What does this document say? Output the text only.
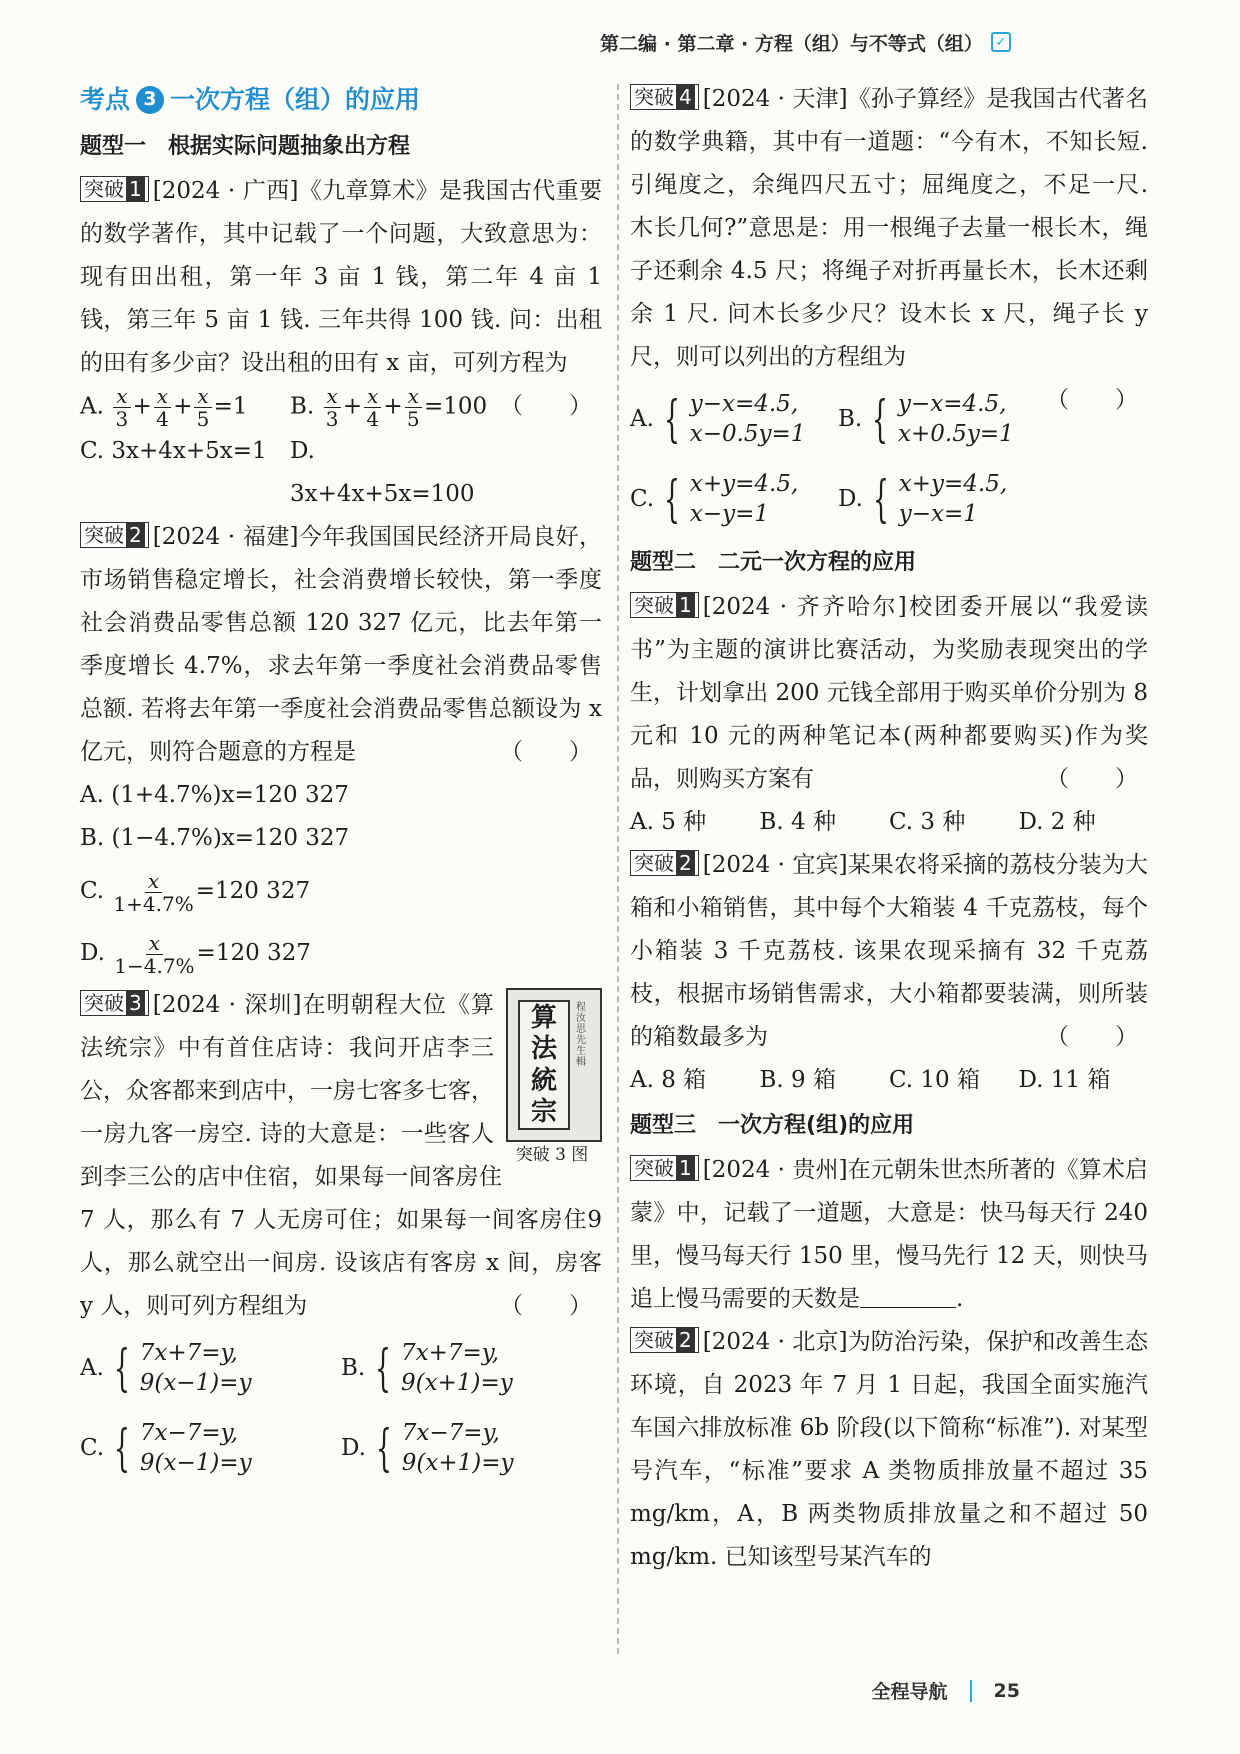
第二编 · 第二章 · 方程（组）与不等式（组） ✓
考点 3 一次方程（组）的应用
题型一 根据实际问题抽象出方程
突破 1 [2024 · 广西]《九章算术》是我国古代重要的数学著作，其中记载了一个问题，大致意思为：现有田出租，第一年 3 亩 1 钱，第二年 4 亩 1 钱，第三年 5 亩 1 钱. 三年共得 100 钱. 问：出租的田有多少亩？设出租的田有 x 亩，可列方程为
（　　）
A. $\frac{x}{3} + \frac{x}{4} + \frac{x}{5} =1$	B. $\frac{x}{3} + \frac{x}{4} + \frac{x}{5} =100$
C. 3x+4x+5x=1	D. 3x+4x+5x=100
突破 2 [2024 · 福建]今年我国国民经济开局良好，市场销售稳定增长，社会消费增长较快，第一季度社会消费品零售总额 120 327 亿元，比去年第一季度增长 4.7%，求去年第一季度社会消费品零售总额. 若将去年第一季度社会消费品零售总额设为 x 亿元，则符合题意的方程是	（　　）
A. (1+4.7%)x=120 327
B. (1−4.7%)x=120 327
C. $\frac{x}{1+4.7\%} =120$ 327
D. $\frac{x}{1-4.7\%} =120$ 327
算
法
統
宗
程汝思先生輯
突破 3 图
突破 3 [2024 · 深圳]在明朝程大位《算法统宗》中有首住店诗：我问开店李三公，众客都来到店中，一房七客多七客，一房九客一房空. 诗的大意是：一些客人到李三公的店中住宿，如果每一间客房住 7 人，那么有 7 人无房可住；如果每一间客房住9 人，那么就空出一间房. 设该店有客房 x 间，房客 y 人，则可列方程组为	（　　）
A. { 7x+7=y,
9(x−1)=y
B. { 7x+7=y,
9(x+1)=y
C. { 7x−7=y,
9(x−1)=y
D. { 7x−7=y,
9(x+1)=y
突破 4 [2024 · 天津]《孙子算经》是我国古代著名的数学典籍，其中有一道题：“今有木，不知长短. 引绳度之，余绳四尺五寸；屈绳度之，不足一尺. 木长几何?”意思是：用一根绳子去量一根长木，绳子还剩余 4.5 尺；将绳子对折再量长木，长木还剩余 1 尺. 问木长多少尺？设木长 x 尺，绳子长 y 尺，则可以列出的方程组为
（　　）
A. { y−x=4.5,
x−0.5y=1
B. { y−x=4.5,
x+0.5y=1
C. { x+y=4.5,
x−y=1
D. { x+y=4.5,
y−x=1
题型二 二元一次方程的应用
突破 1 [2024 · 齐齐哈尔]校团委开展以“我爱读书”为主题的演讲比赛活动，为奖励表现突出的学生，计划拿出 200 元钱全部用于购买单价分别为 8 元和 10 元的两种笔记本(两种都要购买)作为奖品，则购买方案有	（　　）
A. 5 种	B. 4 种	C. 3 种	D. 2 种
突破 2 [2024 · 宜宾]某果农将采摘的荔枝分装为大箱和小箱销售，其中每个大箱装 4 千克荔枝，每个小箱装 3 千克荔枝. 该果农现采摘有 32 千克荔枝，根据市场销售需求，大小箱都要装满，则所装的箱数最多为	（　　）
A. 8 箱	B. 9 箱	C. 10 箱	D. 11 箱
题型三 一次方程(组)的应用
突破 1 [2024 · 贵州]在元朝朱世杰所著的《算术启蒙》中，记载了一道题，大意是：快马每天行 240 里，慢马每天行 150 里，慢马先行 12 天，则快马追上慢马需要的天数是	.
突破 2 [2024 · 北京]为防治污染，保护和改善生态环境，自 2023 年 7 月 1 日起，我国全面实施汽车国六排放标准 6b 阶段(以下简称“标准”). 对某型号汽车，“标准”要求 A 类物质排放量不超过 35 mg/km，A，B 两类物质排放量之和不超过 50 mg/km. 已知该型号某汽车的
全程导航 25
